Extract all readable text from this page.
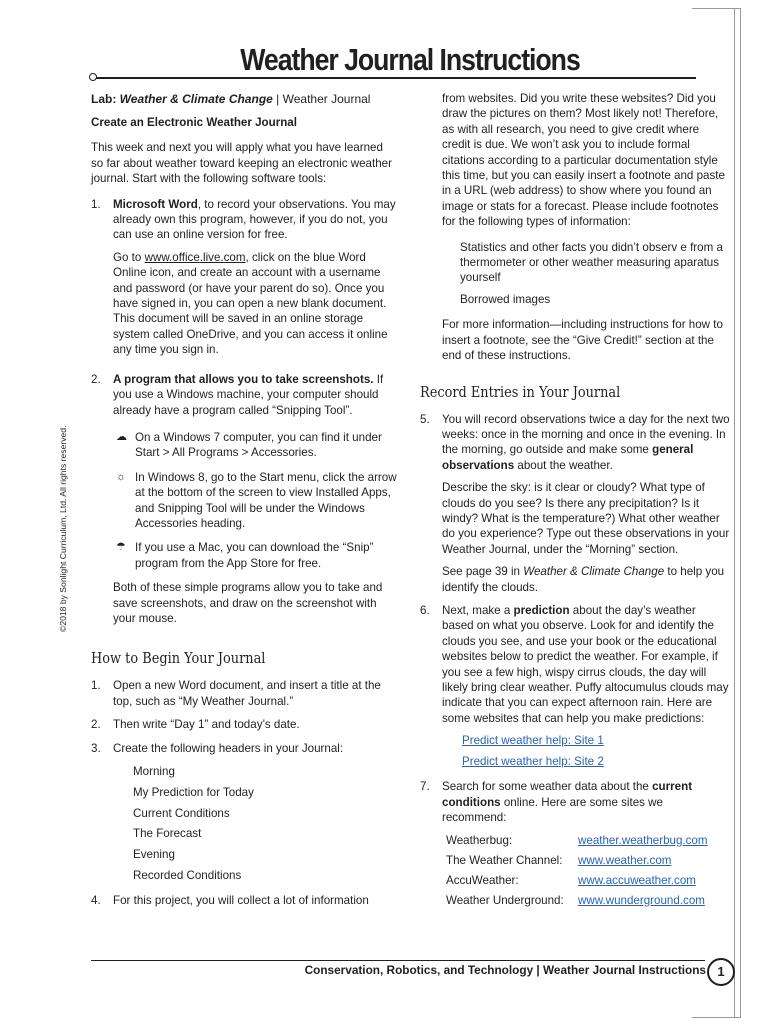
Weather Journal Instructions
©2018 by Sonlight Curriculum, Ltd. All rights reserved.

Lab: Weather & Climate Change | Weather Journal

Create an Electronic Weather Journal

This week and next you will apply what you have learned so far about weather toward keeping an electronic weather journal. Start with the following software tools:

1. Microsoft Word, to record your observations. You may already own this program, however, if you do not, you can use an online version for free.

Go to www.office.live.com, click on the blue Word Online icon, and create an account with a username and password (or have your parent do so). Once you have signed in, you can open a new blank document. This document will be saved in an online storage system called OneDrive, and you can access it online any time you sign in.

2. A program that allows you to take screenshots. If you use a Windows machine, your computer should already have a program called “Snipping Tool”.

☁ On a Windows 7 computer, you can find it under Start > All Programs > Accessories.
☼ In Windows 8, go to the Start menu, click the arrow at the bottom of the screen to view Installed Apps, and Snipping Tool will be under the Windows Accessories heading.
☂ If you use a Mac, you can download the “Snip” program from the App Store for free.

Both of these simple programs allow you to take and save screenshots, and draw on the screenshot with your mouse.

How to Begin Your Journal
1. Open a new Word document, and insert a title at the top, such as “My Weather Journal.”
2. Then write “Day 1” and today’s date.
3. Create the following headers in your Journal:
Morning
My Prediction for Today
Current Conditions
The Forecast
Evening
Recorded Conditions
4. For this project, you will collect a lot of information

from websites. Did you write these websites? Did you draw the pictures on them? Most likely not! Therefore, as with all research, you need to give credit where credit is due. We won’t ask you to include formal citations according to a particular documentation style this time, but you can easily insert a footnote and paste in a URL (web address) to show where you found an image or stats for a forecast. Please include footnotes for the following types of information:

Statistics and other facts you didn’t observ e from a thermometer or other weather measuring aparatus yourself
Borrowed images

For more information—including instructions for how to insert a footnote, see the “Give Credit!” section at the end of these instructions.

Record Entries in Your Journal
5. You will record observations twice a day for the next two weeks: once in the morning and once in the evening. In the morning, go outside and make some general observations about the weather.

Describe the sky: is it clear or cloudy? What type of clouds do you see? Is there any precipitation? Is it windy? What is the temperature?) What other weather do you experience? Type out these observations in your Weather Journal, under the “Morning” section.

See page 39 in Weather & Climate Change to help you identify the clouds.

6. Next, make a prediction about the day’s weather based on what you observe. Look for and identify the clouds you see, and use your book or the educational websites below to predict the weather. For example, if you see a few high, wispy cirrus clouds, the day will likely bring clear weather. Puffy altocumulus clouds may indicate that you can expect afternoon rain. Here are some websites that can help you make predictions:

Predict weather help: Site 1
Predict weather help: Site 2
7. Search for some weather data about the current conditions online. Here are some sites we recommend:

Weatherbug:	weather.weatherbug.com
The Weather Channel:	www.weather.com
AccuWeather:	www.accuweather.com
Weather Underground:	www.wunderground.com
Conservation, Robotics, and Technology | Weather Journal Instructions 1
